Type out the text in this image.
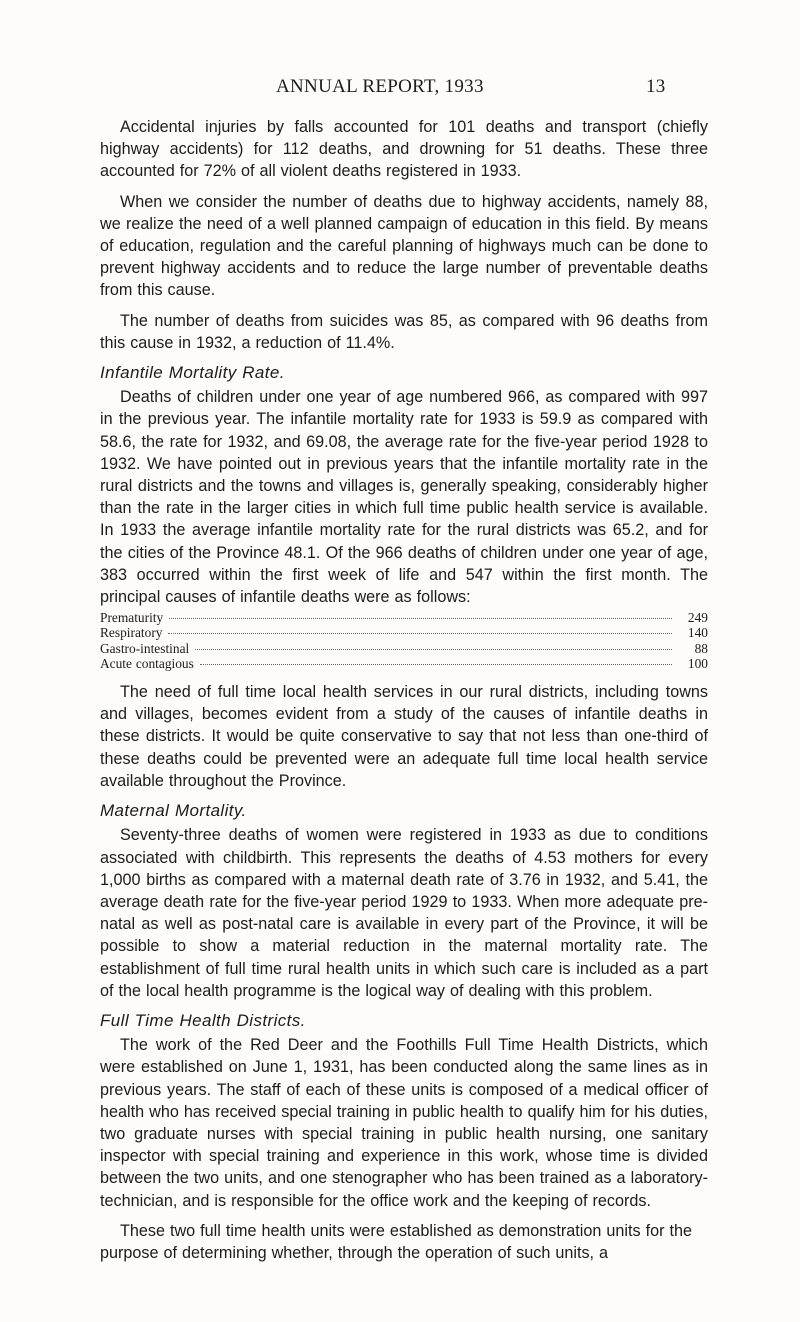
ANNUAL REPORT, 1933	13

Accidental injuries by falls accounted for 101 deaths and transport (chiefly highway accidents) for 112 deaths, and drowning for 51 deaths. These three accounted for 72% of all violent deaths registered in 1933.

When we consider the number of deaths due to highway accidents, namely 88, we realize the need of a well planned campaign of education in this field. By means of education, regulation and the careful planning of highways much can be done to prevent highway accidents and to reduce the large number of preventable deaths from this cause.

The number of deaths from suicides was 85, as compared with 96 deaths from this cause in 1932, a reduction of 11.4%.

Infantile Mortality Rate.

Deaths of children under one year of age numbered 966, as compared with 997 in the previous year. The infantile mortality rate for 1933 is 59.9 as compared with 58.6, the rate for 1932, and 69.08, the average rate for the five-year period 1928 to 1932. We have pointed out in previous years that the infantile mortality rate in the rural districts and the towns and villages is, generally speaking, considerably higher than the rate in the larger cities in which full time public health service is available. In 1933 the average infantile mortality rate for the rural districts was 65.2, and for the cities of the Province 48.1. Of the 966 deaths of children under one year of age, 383 occurred within the first week of life and 547 within the first month. The principal causes of infantile deaths were as follows:

Prematurity	249
Respiratory	140
Gastro-intestinal	88
Acute contagious	100

The need of full time local health services in our rural districts, including towns and villages, becomes evident from a study of the causes of infantile deaths in these districts. It would be quite conservative to say that not less than one-third of these deaths could be prevented were an adequate full time local health service available throughout the Province.

Maternal Mortality.

Seventy-three deaths of women were registered in 1933 as due to conditions associated with childbirth. This represents the deaths of 4.53 mothers for every 1,000 births as compared with a maternal death rate of 3.76 in 1932, and 5.41, the average death rate for the five-year period 1929 to 1933. When more adequate pre-natal as well as post-natal care is available in every part of the Province, it will be possible to show a material reduction in the maternal mortality rate. The establishment of full time rural health units in which such care is included as a part of the local health programme is the logical way of dealing with this problem.

Full Time Health Districts.

The work of the Red Deer and the Foothills Full Time Health Districts, which were established on June 1, 1931, has been conducted along the same lines as in previous years. The staff of each of these units is composed of a medical officer of health who has received special training in public health to qualify him for his duties, two graduate nurses with special training in public health nursing, one sanitary inspector with special training and experience in this work, whose time is divided between the two units, and one stenographer who has been trained as a laboratory-technician, and is responsible for the office work and the keeping of records.

These two full time health units were established as demonstration units for the purpose of determining whether, through the operation of such units, a
